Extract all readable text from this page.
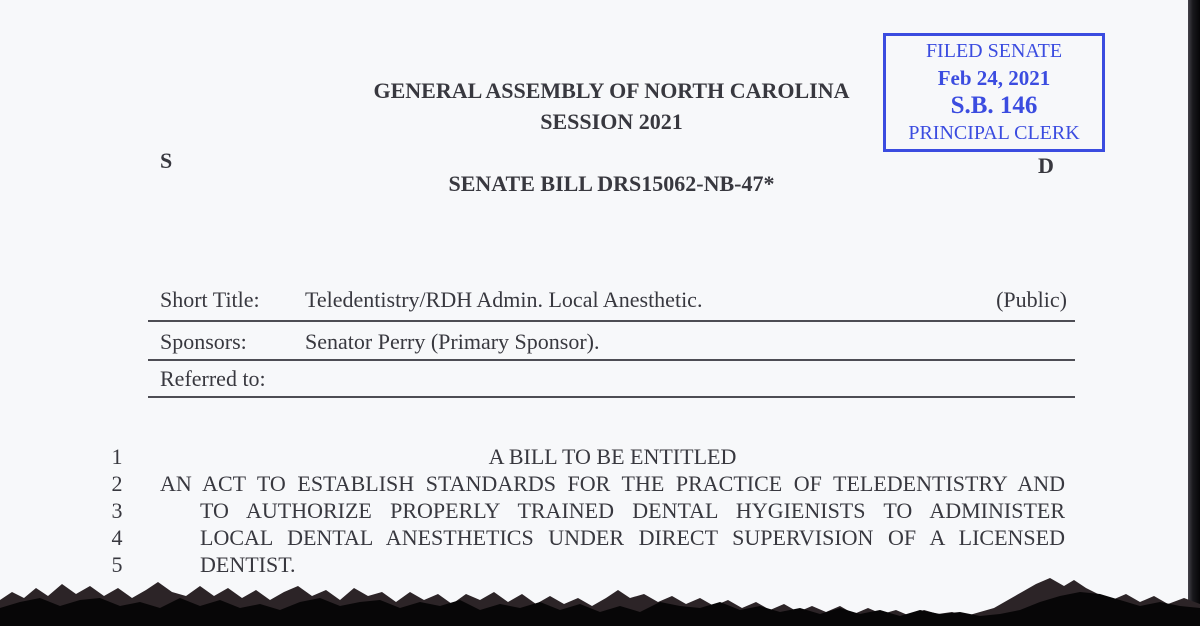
FILED SENATE
Feb 24, 2021
S.B. 146
PRINCIPAL CLERK
GENERAL ASSEMBLY OF NORTH CAROLINA
SESSION 2021
S	D
SENATE BILL DRS15062-NB-47*
Short Title:	Teledentistry/RDH Admin. Local Anesthetic.	(Public)
Sponsors:	Senator Perry (Primary Sponsor).
Referred to:
1	A BILL TO BE ENTITLED
2 AN ACT TO ESTABLISH STANDARDS FOR THE PRACTICE OF TELEDENTISTRY AND
3	TO AUTHORIZE PROPERLY TRAINED DENTAL HYGIENISTS TO ADMINISTER
4	LOCAL DENTAL ANESTHETICS UNDER DIRECT SUPERVISION OF A LICENSED
5	DENTIST.
